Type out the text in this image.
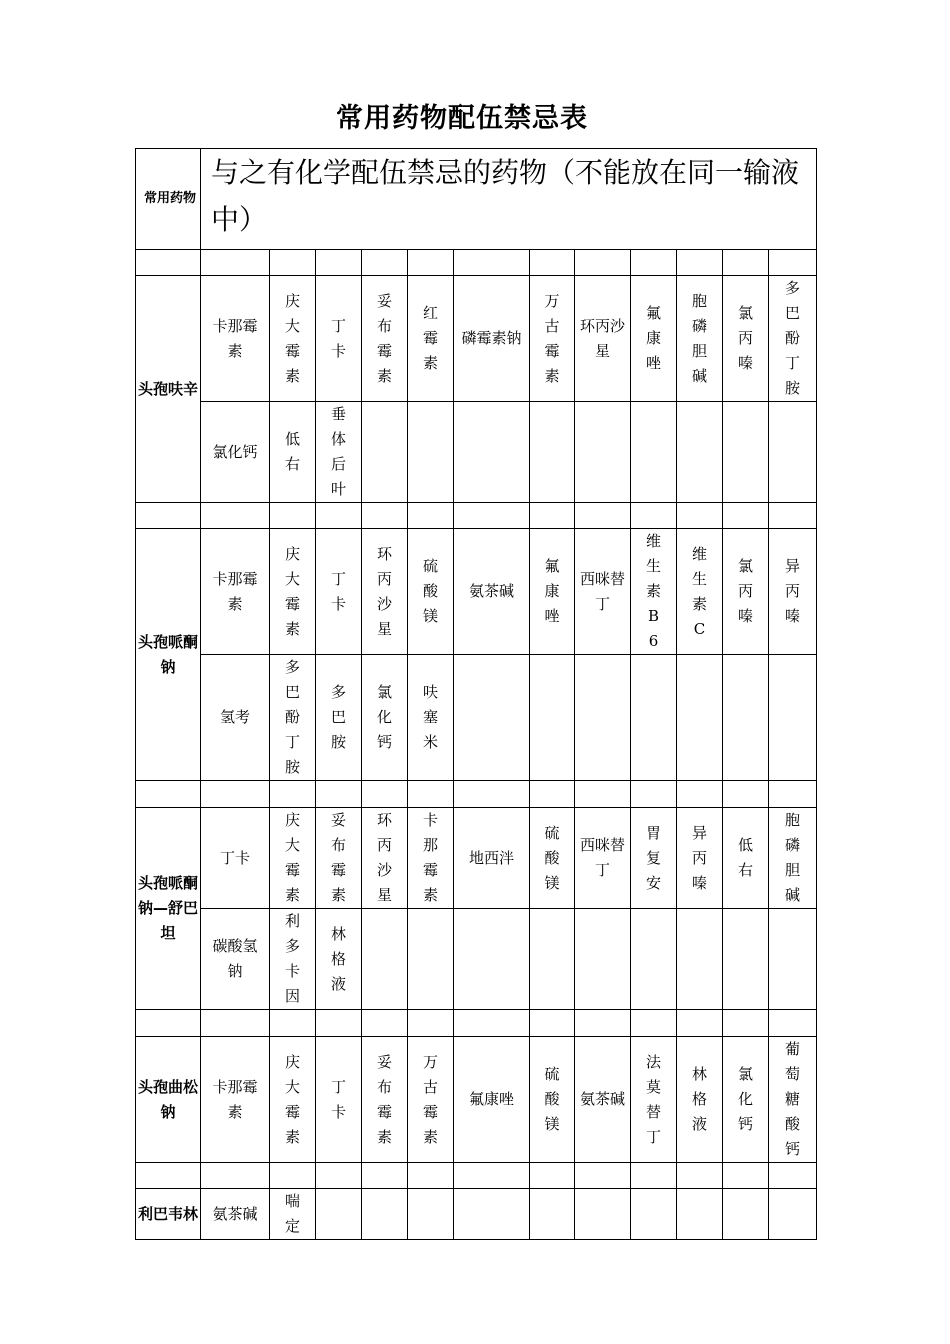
常用药物配伍禁忌表
常用药物	与之有化学配伍禁忌的药物（不能放在同一输液中）											

头孢呋辛	卡那霉素	庆大霉素	丁卡	妥布霉素	红霉素	磷霉素钠	万古霉素	环丙沙星	氟康唑	胞磷胆碱	氯丙嗪	多巴酚丁胺
	氯化钙	低右	垂体后叶									

头孢哌酮钠	卡那霉素	庆大霉素	丁卡	环丙沙星	硫酸镁	氨茶碱	氟康唑	西咪替丁	维生素B6	维生素C	氯丙嗪	异丙嗪
	氢考	多巴酚丁胺	多巴胺	氯化钙	呋塞米							

头孢哌酮钠—舒巴坦	丁卡	庆大霉素	妥布霉素	环丙沙星	卡那霉素	地西泮	硫酸镁	西咪替丁	胃复安	异丙嗪	低右	胞磷胆碱
	碳酸氢钠	利多卡因	林格液									

头孢曲松钠	卡那霉素	庆大霉素	丁卡	妥布霉素	万古霉素	氟康唑	硫酸镁	氨茶碱	法莫替丁	林格液	氯化钙	葡萄糖酸钙

利巴韦林	氨茶碱	喘定										
